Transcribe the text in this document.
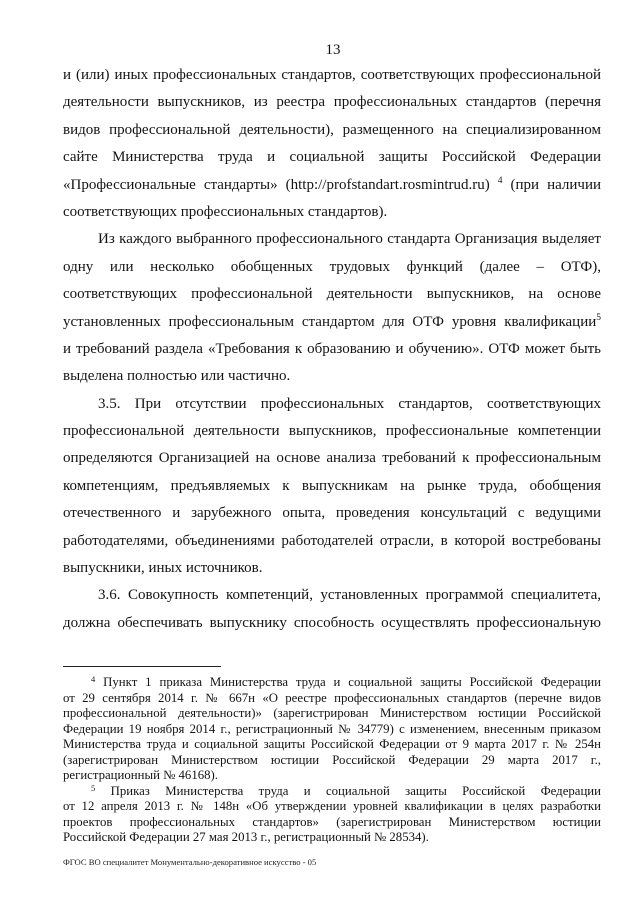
13
и (или) иных профессиональных стандартов, соответствующих профессиональной
деятельности выпускников, из реестра профессиональных стандартов (перечня
видов профессиональной деятельности), размещенного на специализированном
сайте Министерства труда и социальной защиты Российской Федерации
«Профессиональные стандарты» (http://profstandart.rosmintrud.ru) $^4$ (при наличии
соответствующих профессиональных стандартов).
Из каждого выбранного профессионального стандарта Организация выделяет
одну или несколько обобщенных трудовых функций (далее – ОТФ),
соответствующих профессиональной деятельности выпускников, на основе
установленных профессиональным стандартом для ОТФ уровня квалификации$^5$
и требований раздела «Требования к образованию и обучению». ОТФ может быть
выделена полностью или частично.
3.5. При отсутствии профессиональных стандартов, соответствующих
профессиональной деятельности выпускников, профессиональные компетенции
определяются Организацией на основе анализа требований к профессиональным
компетенциям, предъявляемых к выпускникам на рынке труда, обобщения
отечественного и зарубежного опыта, проведения консультаций с ведущими
работодателями, объединениями работодателей отрасли, в которой востребованы
выпускники, иных источников.
3.6. Совокупность компетенций, установленных программой специалитета,
должна обеспечивать выпускнику способность осуществлять профессиональную
$^4$ Пункт 1 приказа Министерства труда и социальной защиты Российской Федерации
от 29 сентября 2014 г. № 667н «О реестре профессиональных стандартов (перечне видов
профессиональной деятельности)» (зарегистрирован Министерством юстиции Российской
Федерации 19 ноября 2014 г., регистрационный № 34779) с изменением, внесенным приказом
Министерства труда и социальной защиты Российской Федерации от 9 марта 2017 г. № 254н
(зарегистрирован Министерством юстиции Российской Федерации 29 марта 2017 г.,
регистрационный № 46168).
$^5$ Приказ Министерства труда и социальной защиты Российской Федерации
от 12 апреля 2013 г. № 148н «Об утверждении уровней квалификации в целях разработки
проектов профессиональных стандартов» (зарегистрирован Министерством юстиции
Российской Федерации 27 мая 2013 г., регистрационный № 28534).
ФГОС ВО специалитет Монументально-декоративное искусство - 05
